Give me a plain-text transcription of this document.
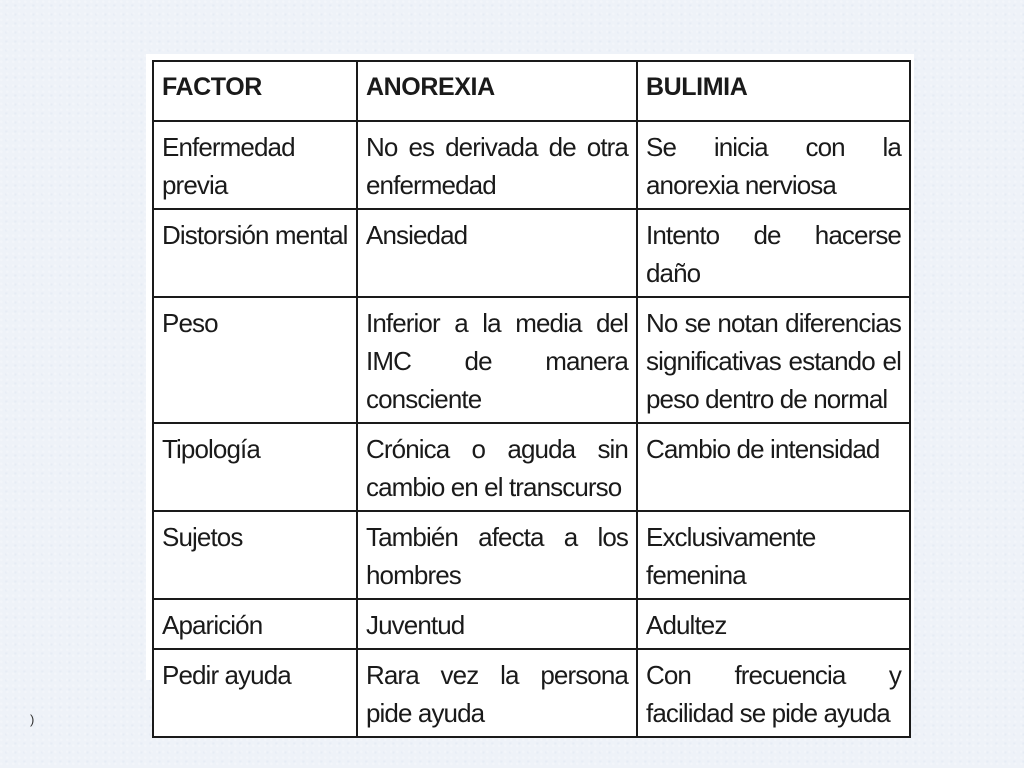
FACTOR	ANOREXIA	BULIMIA
Enfermedad previa	No es derivada de otra enfermedad	Se inicia con la anorexia nerviosa
Distorsión mental	Ansiedad	Intento de hacerse daño
Peso	Inferior a la media del IMC de manera consciente	No se notan diferencias significativas estando el peso dentro de normal
Tipología	Crónica o aguda sin cambio en el transcurso	Cambio de intensidad
Sujetos	También afecta a los hombres	Exclusivamente femenina
Aparición	Juventud	Adultez
Pedir ayuda	Rara vez la persona pide ayuda	Con frecuencia y facilidad se pide ayuda
)
